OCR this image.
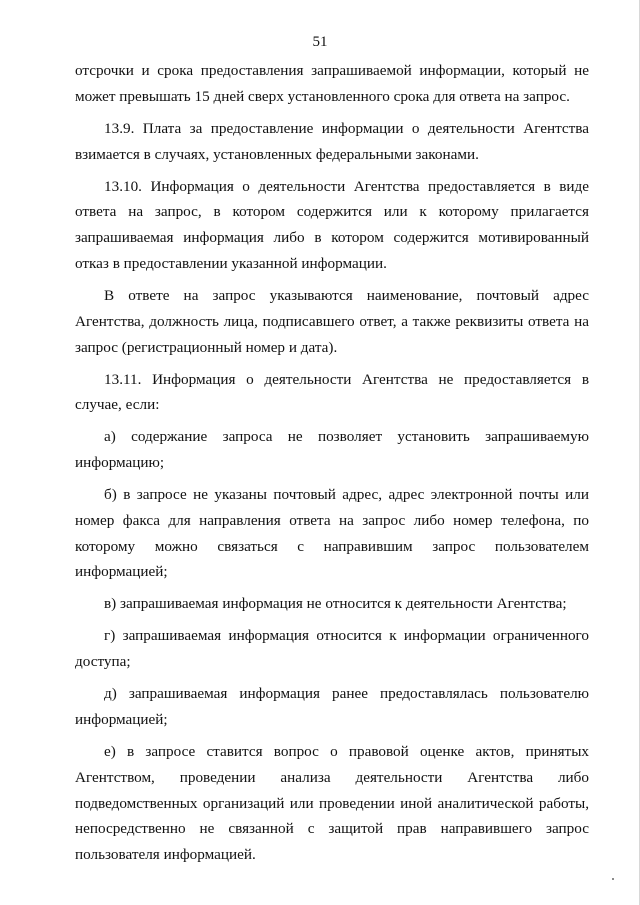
51

отсрочки и срока предоставления запрашиваемой информации, который не может превышать 15 дней сверх установленного срока для ответа на запрос.

13.9. Плата за предоставление информации о деятельности Агентства взимается в случаях, установленных федеральными законами.

13.10. Информация о деятельности Агентства предоставляется в виде ответа на запрос, в котором содержится или к которому прилагается запрашиваемая информация либо в котором содержится мотивированный отказ в предоставлении указанной информации.

В ответе на запрос указываются наименование, почтовый адрес Агентства, должность лица, подписавшего ответ, а также реквизиты ответа на запрос (регистрационный номер и дата).

13.11. Информация о деятельности Агентства не предоставляется в случае, если:

а) содержание запроса не позволяет установить запрашиваемую информацию;

б) в запросе не указаны почтовый адрес, адрес электронной почты или номер факса для направления ответа на запрос либо номер телефона, по которому можно связаться с направившим запрос пользователем информацией;

в) запрашиваемая информация не относится к деятельности Агентства;

г) запрашиваемая информация относится к информации ограниченного доступа;

д) запрашиваемая информация ранее предоставлялась пользователю информацией;

е) в запросе ставится вопрос о правовой оценке актов, принятых Агентством, проведении анализа деятельности Агентства либо подведомственных организаций или проведении иной аналитической работы, непосредственно не связанной с защитой прав направившего запрос пользователя информацией.
